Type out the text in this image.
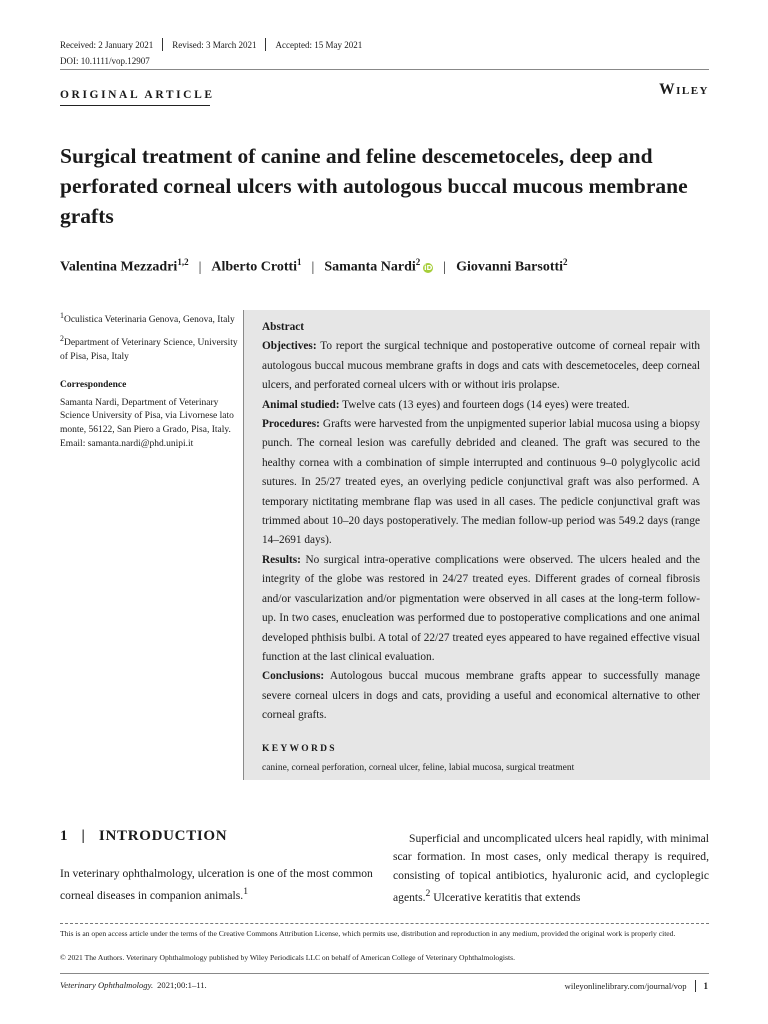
Received: 2 January 2021 Revised: 3 March 2021 Accepted: 15 May 2021
DOI: 10.1111/vop.12907
ORIGINAL ARTICLE	Wiley
Surgical treatment of canine and feline descemetoceles, deep and perforated corneal ulcers with autologous buccal mucous membrane grafts
Valentina Mezzadri$^{1,2}$ | Alberto Crotti$^1$ | Samanta Nardi$^2$iD | Giovanni Barsotti$^2$

$^1$Oculistica Veterinaria Genova, Genova, Italy

$^2$Department of Veterinary Science, University of Pisa, Pisa, Italy

Correspondence

Samanta Nardi, Department of Veterinary Science University of Pisa, via Livornese lato monte, 56122, San Piero a Grado, Pisa, Italy.
Email: samanta.nardi@phd.unipi.it

Abstract

Objectives: To report the surgical technique and postoperative outcome of corneal repair with autologous buccal mucous membrane grafts in dogs and cats with descemetoceles, deep corneal ulcers, and perforated corneal ulcers with or without iris prolapse.

Animal studied: Twelve cats (13 eyes) and fourteen dogs (14 eyes) were treated.

Procedures: Grafts were harvested from the unpigmented superior labial mucosa using a biopsy punch. The corneal lesion was carefully debrided and cleaned. The graft was secured to the healthy cornea with a combination of simple interrupted and continuous 9–0 polyglycolic acid sutures. In 25/27 treated eyes, an overlying pedicle conjunctival graft was also performed. A temporary nictitating membrane flap was used in all cases. The pedicle conjunctival graft was trimmed about 10–20 days postoperatively. The median follow-up period was 549.2 days (range 14–2691 days).

Results: No surgical intra-operative complications were observed. The ulcers healed and the integrity of the globe was restored in 24/27 treated eyes. Different grades of corneal fibrosis and/or vascularization and/or pigmentation were observed in all cases at the long-term follow-up. In two cases, enucleation was performed due to postoperative complications and one animal developed phthisis bulbi. A total of 22/27 treated eyes appeared to have regained effective visual function at the last clinical evaluation.

Conclusions: Autologous buccal mucous membrane grafts appear to successfully manage severe corneal ulcers in dogs and cats, providing a useful and economical alternative to other corneal grafts.

KEYWORDS
canine, corneal perforation, corneal ulcer, feline, labial mucosa, surgical treatment
1   |   INTRODUCTION

In veterinary ophthalmology, ulceration is one of the most common corneal diseases in companion animals.$^1$

Superficial and uncomplicated ulcers heal rapidly, with minimal scar formation. In most cases, only medical therapy is required, consisting of topical antibiotics, hyaluronic acid, and cycloplegic agents.$^2$ Ulcerative keratitis that extends

This is an open access article under the terms of the Creative Commons Attribution License, which permits use, distribution and reproduction in any medium, provided the original work is properly cited.

© 2021 The Authors. Veterinary Ophthalmology published by Wiley Periodicals LLC on behalf of American College of Veterinary Ophthalmologists.
Veterinary Ophthalmology. 2021;00:1–11.	wileyonlinelibrary.com/journal/vop 1
